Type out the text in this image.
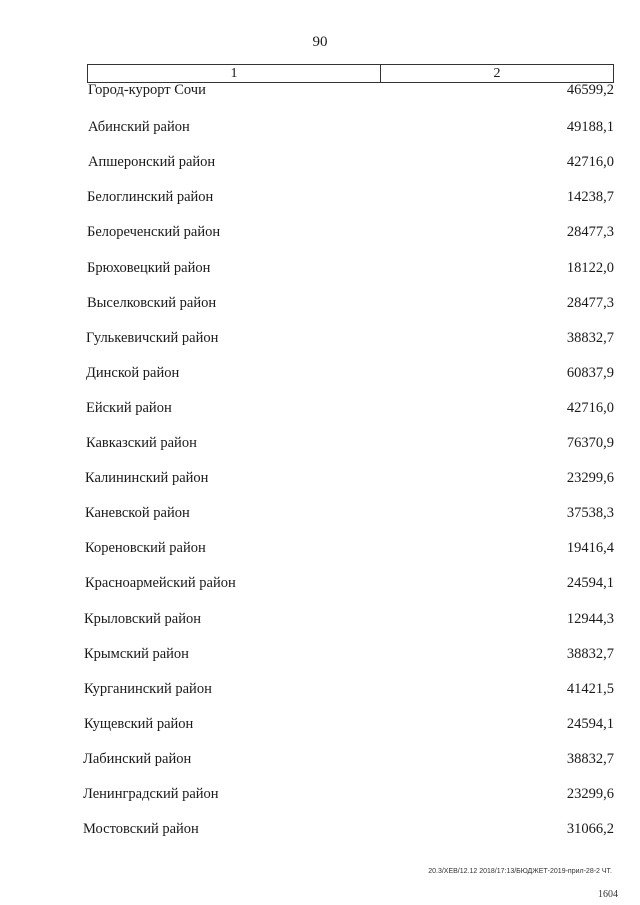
90
1	2
Город-курорт Сочи	46599,2
Абинский район	49188,1
Апшеронский район	42716,0
Белоглинский район	14238,7
Белореченский район	28477,3
Брюховецкий район	18122,0
Выселковский район	28477,3
Гулькевичский район	38832,7
Динской район	60837,9
Ейский район	42716,0
Кавказский район	76370,9
Калининский район	23299,6
Каневской район	37538,3
Кореновский район	19416,4
Красноармейский район	24594,1
Крыловский район	12944,3
Крымский район	38832,7
Курганинский район	41421,5
Кущевский район	24594,1
Лабинский район	38832,7
Ленинградский район	23299,6
Мостовский район	31066,2
20.3/ХЕВ/12.12 2018/17:13/БЮДЖЕТ-2019-прил-28-2 ЧТ.
1604
